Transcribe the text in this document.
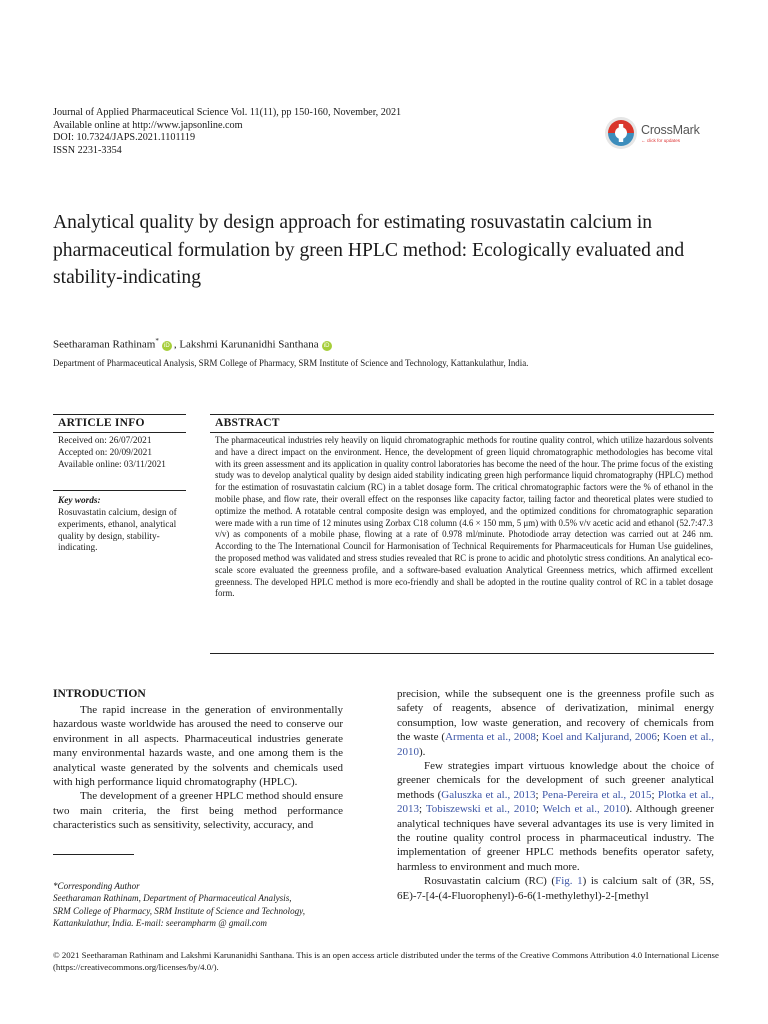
Journal of Applied Pharmaceutical Science Vol. 11(11), pp 150-160, November, 2021
Available online at http://www.japsonline.com
DOI: 10.7324/JAPS.2021.1101119
ISSN 2231-3354
CrossMark
← click for updates
Analytical quality by design approach for estimating rosuvastatin calcium in pharmaceutical formulation by green HPLC method: Ecologically evaluated and stability-indicating
Seetharaman Rathinam*iD , Lakshmi Karunanidhi Santhana iD
Department of Pharmaceutical Analysis, SRM College of Pharmacy, SRM Institute of Science and Technology, Kattankulathur, India.
ARTICLE INFO
Received on: 26/07/2021
Accepted on: 20/09/2021
Available online: 03/11/2021
Key words:
Rosuvastatin calcium, design of experiments, ethanol, analytical quality by design, stability-indicating.
ABSTRACT
The pharmaceutical industries rely heavily on liquid chromatographic methods for routine quality control, which utilize hazardous solvents and have a direct impact on the environment. Hence, the development of green liquid chromatographic methodologies has become vital with its green assessment and its application in quality control laboratories has become the need of the hour. The prime focus of the existing study was to develop analytical quality by design aided stability indicating green high performance liquid chromatography (HPLC) method for the estimation of rosuvastatin calcium (RC) in a tablet dosage form. The critical chromatographic factors were the % of ethanol in the mobile phase, and flow rate, their overall effect on the responses like capacity factor, tailing factor and theoretical plates were studied to optimize the method. A rotatable central composite design was employed, and the optimized conditions for chromatographic separation were made with a run time of 12 minutes using Zorbax C18 column (4.6 × 150 mm, 5 μm) with 0.5% v/v acetic acid and ethanol (52.7:47.3 v/v) as components of a mobile phase, flowing at a rate of 0.978 ml/minute. Photodiode array detection was carried out at 246 nm. According to the The International Council for Harmonisation of Technical Requirements for Pharmaceuticals for Human Use guidelines, the proposed method was validated and stress studies revealed that RC is prone to acidic and photolytic stress conditions. An analytical eco-scale score evaluated the greenness profile, and a software-based evaluation Analytical Greenness metrics, which affirmed excellent greenness. The developed HPLC method is more eco-friendly and shall be adopted in the routine quality control of RC in a tablet dosage form.
INTRODUCTION

The rapid increase in the generation of environmentally hazardous waste worldwide has aroused the need to conserve our environment in all aspects. Pharmaceutical industries generate many environmental hazards waste, and one among them is the analytical waste generated by the solvents and chemicals used with high performance liquid chromatography (HPLC).

The development of a greener HPLC method should ensure two main criteria, the first being method performance characteristics such as sensitivity, selectivity, accuracy, and

precision, while the subsequent one is the greenness profile such as safety of reagents, absence of derivatization, minimal energy consumption, low waste generation, and recovery of chemicals from the waste (Armenta et al., 2008; Koel and Kaljurand, 2006; Koen et al., 2010).

Few strategies impart virtuous knowledge about the choice of greener chemicals for the development of such greener analytical methods (Galuszka et al., 2013; Pena-Pereira et al., 2015; Plotka et al., 2013; Tobiszewski et al., 2010; Welch et al., 2010). Although greener analytical techniques have several advantages its use is very limited in the routine quality control process in pharmaceutical industry. The implementation of greener HPLC methods benefits operator safety, harmless to environment and much more.

Rosuvastatin calcium (RC) (Fig. 1) is calcium salt of (3R, 5S, 6E)-7-[4-(4-Fluorophenyl)-6-6(1-methylethyl)-2-[methyl

*Corresponding Author
Seetharaman Rathinam, Department of Pharmaceutical Analysis,
SRM College of Pharmacy, SRM Institute of Science and Technology,
Kattankulathur, India. E-mail: seerampharm @ gmail.com
© 2021 Seetharaman Rathinam and Lakshmi Karunanidhi Santhana. This is an open access article distributed under the terms of the Creative Commons Attribution 4.0 International License
(https://creativecommons.org/licenses/by/4.0/).
